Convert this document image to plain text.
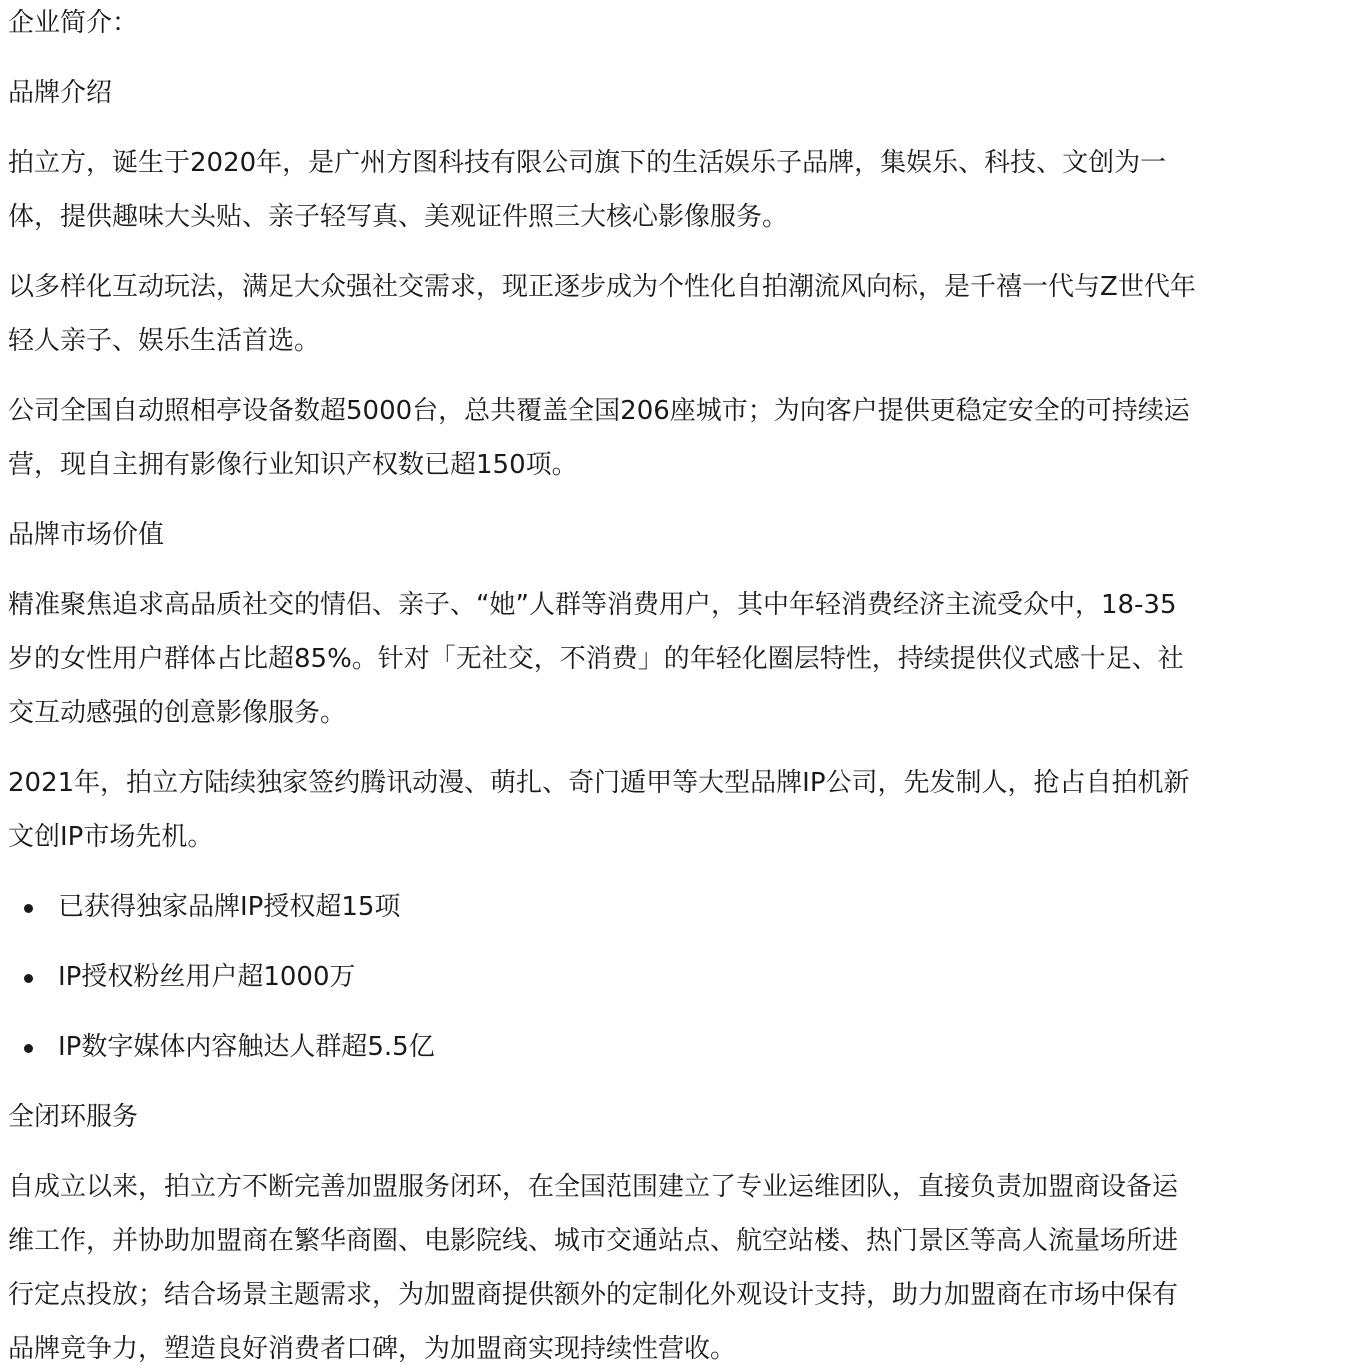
企业简介：
品牌介绍
拍立方，诞生于2020年，是广州方图科技有限公司旗下的生活娱乐子品牌，集娱乐、科技、文创为一
体，提供趣味大头贴、亲子轻写真、美观证件照三大核心影像服务。
以多样化互动玩法，满足大众强社交需求，现正逐步成为个性化自拍潮流风向标，是千禧一代与Z世代年
轻人亲子、娱乐生活首选。
公司全国自动照相亭设备数超5000台，总共覆盖全国206座城市；为向客户提供更稳定安全的可持续运
营，现自主拥有影像行业知识产权数已超150项。
品牌市场价值
精准聚焦追求高品质社交的情侣、亲子、“她”人群等消费用户，其中年轻消费经济主流受众中，18-35
岁的女性用户群体占比超85%。针对「无社交，不消费」的年轻化圈层特性，持续提供仪式感十足、社
交互动感强的创意影像服务。
2021年，拍立方陆续独家签约腾讯动漫、萌扎、奇门遁甲等大型品牌IP公司，先发制人，抢占自拍机新
文创IP市场先机。
已获得独家品牌IP授权超15项
IP授权粉丝用户超1000万
IP数字媒体内容触达人群超5.5亿
全闭环服务
自成立以来，拍立方不断完善加盟服务闭环，在全国范围建立了专业运维团队，直接负责加盟商设备运
维工作，并协助加盟商在繁华商圈、电影院线、城市交通站点、航空站楼、热门景区等高人流量场所进
行定点投放；结合场景主题需求，为加盟商提供额外的定制化外观设计支持，助力加盟商在市场中保有
品牌竞争力，塑造良好消费者口碑，为加盟商实现持续性营收。
